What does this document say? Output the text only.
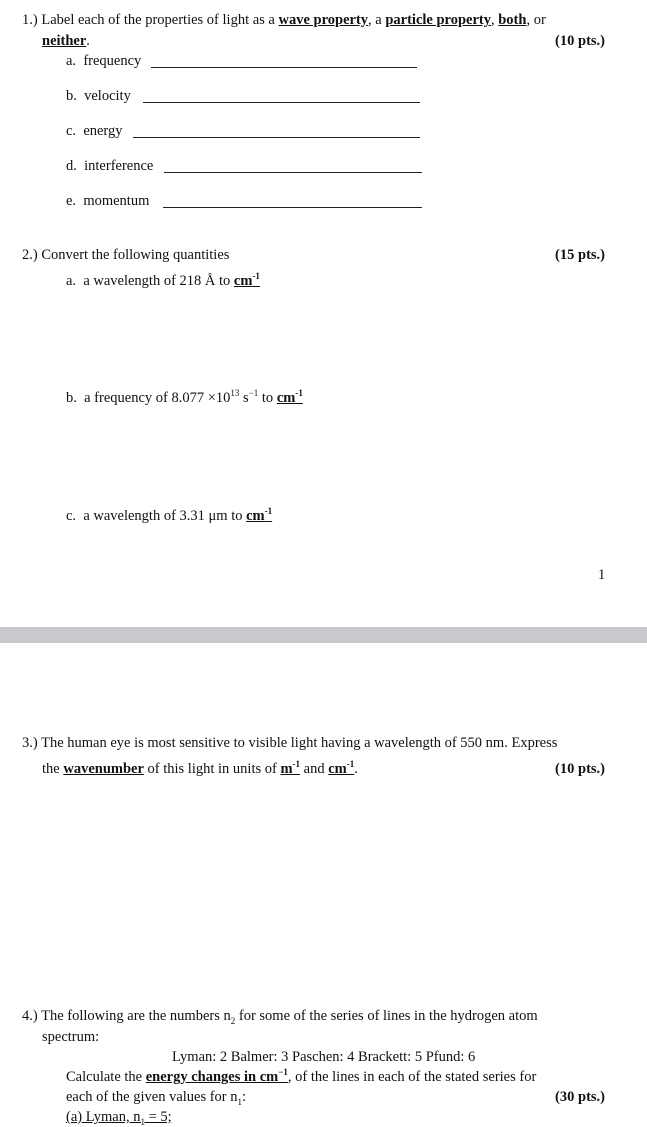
1.) Label each of the properties of light as a wave property, a particle property, both, or
neither.	(10 pts.)
a. frequency
b. velocity
c. energy
d. interference
e. momentum
2.) Convert the following quantities	(15 pts.)
a. a wavelength of 218 Å to $cm^{-1}$
b. a frequency of $8.077 \times 10^{13}$ $s^{-1}$ to $cm^{-1}$
c. a wavelength of 3.31 μm to $cm^{-1}$
1
3.) The human eye is most sensitive to visible light having a wavelength of 550 nm. Express
the wavenumber of this light in units of $m^{-1}$ and $cm^{-1}$.	(10 pts.)
4.) The following are the numbers $n_2$ for some of the series of lines in the hydrogen atom
spectrum:
Lyman: 2 Balmer: 3 Paschen: 4 Brackett: 5 Pfund: 6
Calculate the energy changes in $cm^{-1}$, of the lines in each of the stated series for
each of the given values for $n_1$:	(30 pts.)
(a) Lyman, $n_1 = 5$;
